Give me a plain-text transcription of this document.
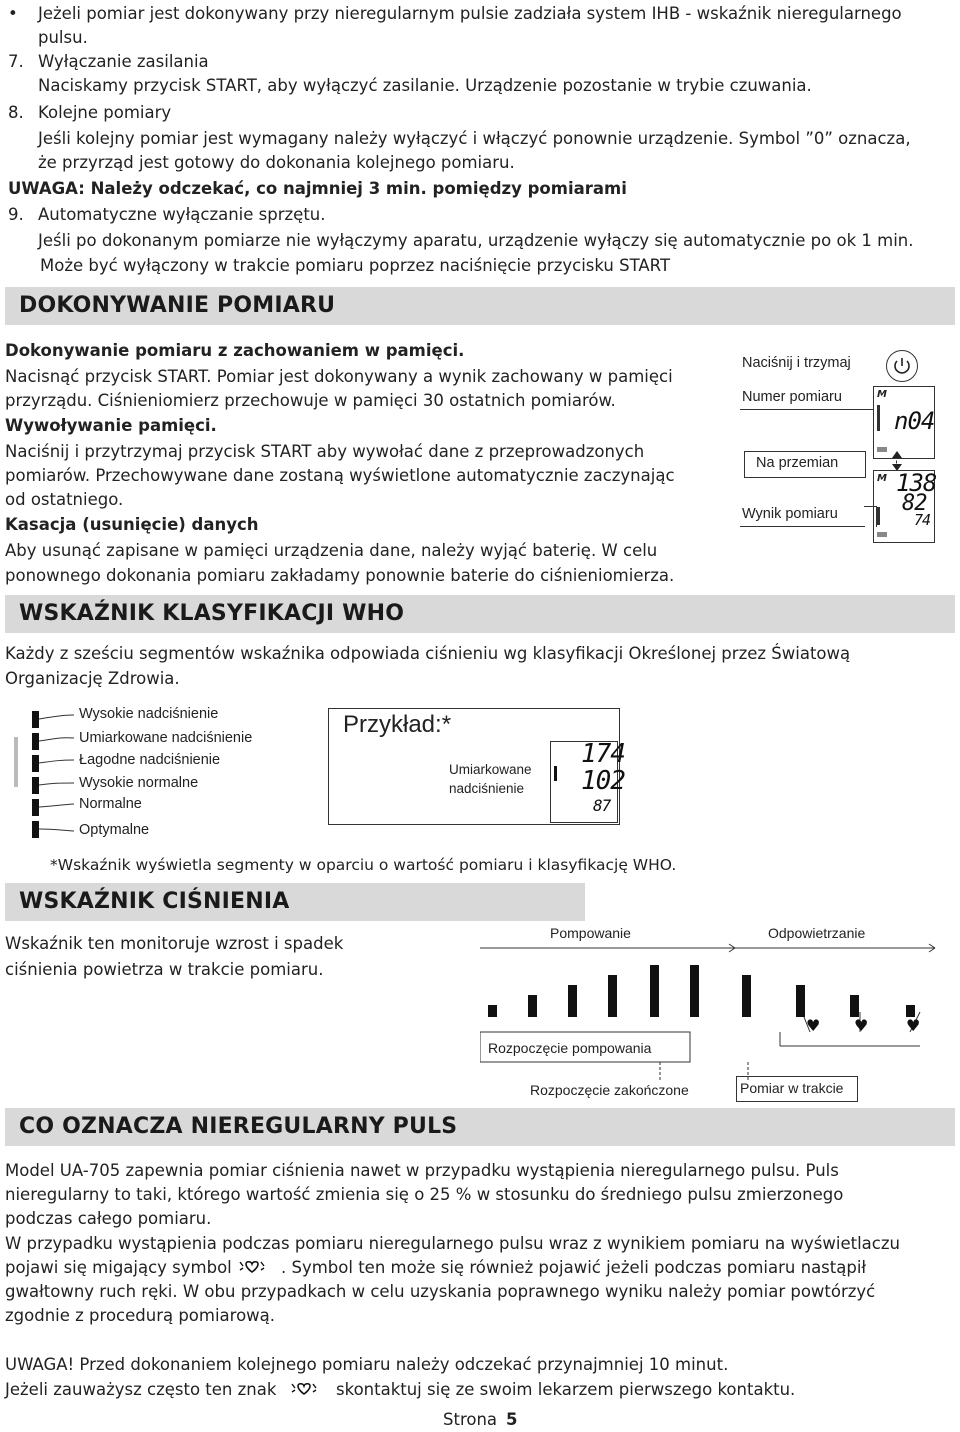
• Jeżeli pomiar jest dokonywany przy nieregularnym pulsie zadziała system IHB - wskaźnik nieregularnego
pulsu.
7. Wyłączanie zasilania
Naciskamy przycisk START, aby wyłączyć zasilanie. Urządzenie pozostanie w trybie czuwania.
8. Kolejne pomiary
Jeśli kolejny pomiar jest wymagany należy wyłączyć i włączyć ponownie urządzenie. Symbol ”0” oznacza,
że przyrząd jest gotowy do dokonania kolejnego pomiaru.
UWAGA: Należy odczekać, co najmniej 3 min. pomiędzy pomiarami
9. Automatyczne wyłączanie sprzętu.
Jeśli po dokonanym pomiarze nie wyłączymy aparatu, urządzenie wyłączy się automatycznie po ok 1 min.
Może być wyłączony w trakcie pomiaru poprzez naciśnięcie przycisku START
DOKONYWANIE POMIARU
Dokonywanie pomiaru z zachowaniem w pamięci.
Nacisnąć przycisk START. Pomiar jest dokonywany a wynik zachowany w pamięci
przyrządu. Ciśnieniomierz przechowuje w pamięci 30 ostatnich pomiarów.
Wywoływanie pamięci.
Naciśnij i przytrzymaj przycisk START aby wywołać dane z przeprowadzonych
pomiarów. Przechowywane dane zostaną wyświetlone automatycznie zaczynając
od ostatniego.
Kasacja (usunięcie) danych
Aby usunąć zapisane w pamięci urządzenia dane, należy wyjąć baterię. W celu
ponownego dokonania pomiaru zakładamy ponownie baterie do ciśnieniomierza.
Naciśnij i trzymaj
Numer pomiaru	M
n04
Na przemian
M 138
82
74
Wynik pomiaru
WSKAŹNIK KLASYFIKACJI WHO
Każdy z sześciu segmentów wskaźnika odpowiada ciśnieniu wg klasyfikacji Określonej przez Światową
Organizację Zdrowia.
Wysokie nadciśnienie
Umiarkowane nadciśnienie
Łagodne nadciśnienie
Wysokie normalne
Normalne
Optymalne
Przykład:*
Umiarkowane
nadciśnienie
174
102
87
*Wskaźnik wyświetla segmenty w oparciu o wartość pomiaru i klasyfikację WHO.
WSKAŹNIK CIŚNIENIA
Wskaźnik ten monitoruje wzrost i spadek
ciśnienia powietrza w trakcie pomiaru.
Pompowanie	Odpowietrzanie
♥ ♥ ♥
Rozpoczęcie pompowania
Rozpoczęcie zakończone	Pomiar w trakcie
CO OZNACZA NIEREGULARNY PULS
Model UA-705 zapewnia pomiar ciśnienia nawet w przypadku wystąpienia nieregularnego pulsu. Puls
nieregularny to taki, którego wartość zmienia się o 25 % w stosunku do średniego pulsu zmierzonego
podczas całego pomiaru.
W przypadku wystąpienia podczas pomiaru nieregularnego pulsu wraz z wynikiem pomiaru na wyświetlaczu
pojawi się migający symbol	. Symbol ten może się również pojawić jeżeli podczas pomiaru nastąpił
gwałtowny ruch ręki. W obu przypadkach w celu uzyskania poprawnego wyniku należy pomiar powtórzyć
zgodnie z procedurą pomiarową.
UWAGA! Przed dokonaniem kolejnego pomiaru należy odczekać przynajmniej 10 minut.
Jeżeli zauważysz często ten znak	skontaktuj się ze swoim lekarzem pierwszego kontaktu.
Strona 5
